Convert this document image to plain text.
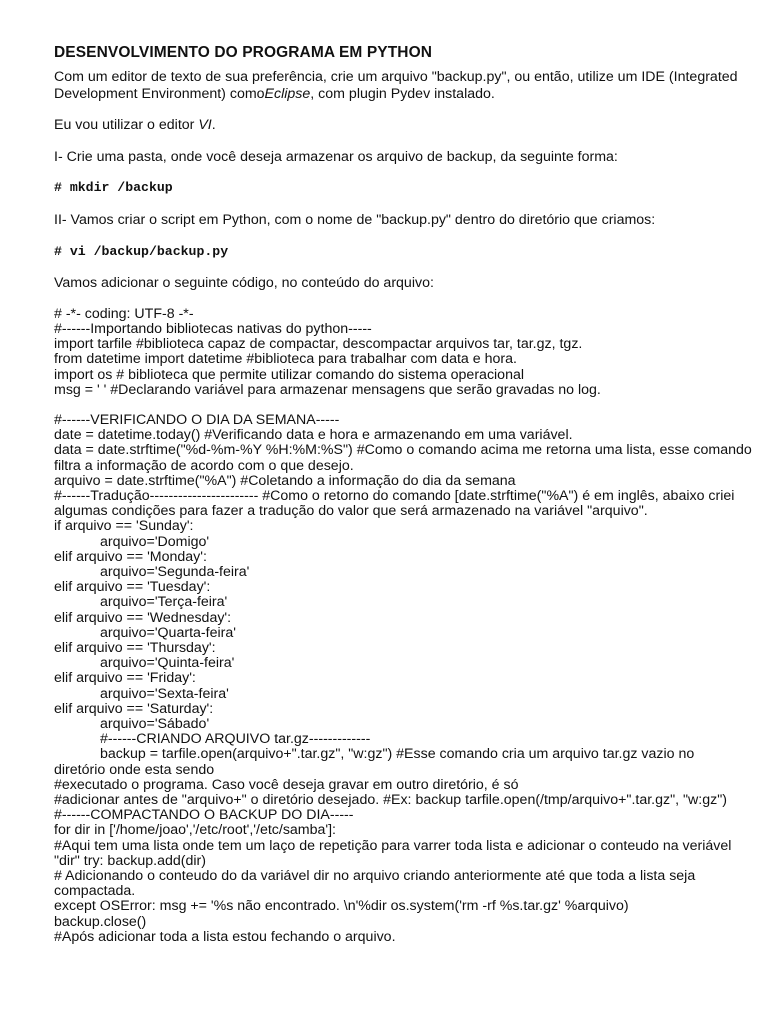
DESENVOLVIMENTO DO PROGRAMA EM PYTHON

Com um editor de texto de sua preferência, crie um arquivo "backup.py", ou então, utilize um IDE (Integrated Development Environment) comoEclipse, com plugin Pydev instalado.

Eu vou utilizar o editor VI.

I- Crie uma pasta, onde você deseja armazenar os arquivo de backup, da seguinte forma:

# mkdir /backup

II- Vamos criar o script em Python, com o nome de "backup.py" dentro do diretório que criamos:

# vi /backup/backup.py

Vamos adicionar o seguinte código, no conteúdo do arquivo:

# -*- coding: UTF-8 -*-

#------Importando bibliotecas nativas do python-----

import tarfile #biblioteca capaz de compactar, descompactar arquivos tar, tar.gz, tgz.

from datetime import datetime #biblioteca para trabalhar com data e hora.

import os # biblioteca que permite utilizar comando do sistema operacional

msg = ' ' #Declarando variável para armazenar mensagens que serão gravadas no log.

#------VERIFICANDO O DIA DA SEMANA-----

date = datetime.today() #Verificando data e hora e armazenando em uma variável.

data = date.strftime("%d-%m-%Y %H:%M:%S") #Como o comando acima me retorna uma lista, esse comando filtra a informação de acordo com o que desejo.

arquivo = date.strftime("%A") #Coletando a informação do dia da semana

#------Tradução----------------------- #Como o retorno do comando [date.strftime("%A") é em inglês, abaixo criei algumas condições para fazer a tradução do valor que será armazenado na variável "arquivo".

if arquivo == 'Sunday':

arquivo='Domigo'

elif arquivo == 'Monday':

arquivo='Segunda-feira'

elif arquivo == 'Tuesday':

arquivo='Terça-feira'

elif arquivo == 'Wednesday':

arquivo='Quarta-feira'

elif arquivo == 'Thursday':

arquivo='Quinta-feira'

elif arquivo == 'Friday':

arquivo='Sexta-feira'

elif arquivo == 'Saturday':

arquivo='Sábado'

#------CRIANDO ARQUIVO tar.gz-------------

backup = tarfile.open(arquivo+".tar.gz", "w:gz") #Esse comando cria um arquivo tar.gz vazio no

diretório onde esta sendo

#executado o programa. Caso você deseja gravar em outro diretório, é só

#adicionar antes de "arquivo+" o diretório desejado. #Ex: backup tarfile.open(/tmp/arquivo+".tar.gz", "w:gz")

#------COMPACTANDO O BACKUP DO DIA-----

for dir in ['/home/joao','/etc/root','/etc/samba']:

#Aqui tem uma lista onde tem um laço de repetição para varrer toda lista e adicionar o conteudo na veriável "dir" try: backup.add(dir)

# Adicionando o conteudo do da variável dir no arquivo criando anteriormente até que toda a lista seja compactada.

except OSError: msg += '%s não encontrado. \n'%dir os.system('rm -rf %s.tar.gz' %arquivo)

backup.close()

#Após adicionar toda a lista estou fechando o arquivo.
